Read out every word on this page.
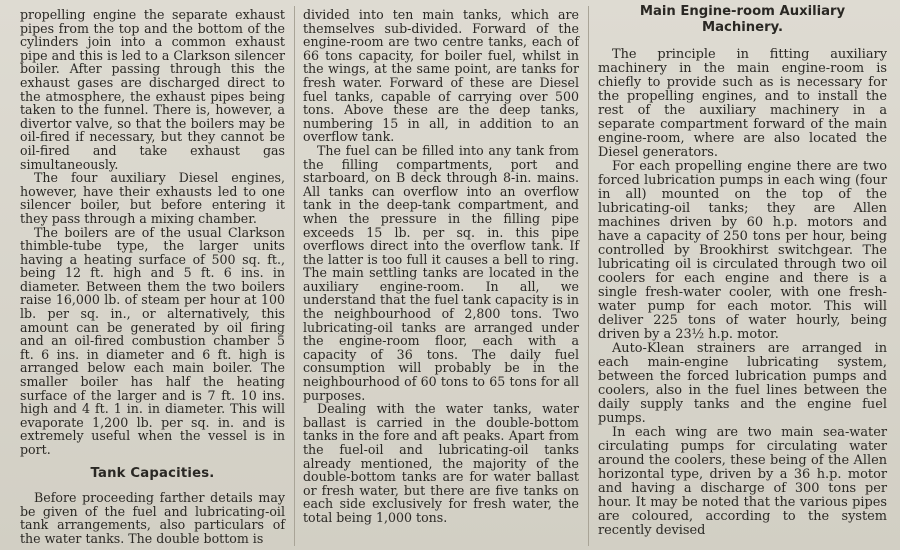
propelling engine the separate exhaust pipes from the top and the bottom of the cylinders join into a common exhaust pipe and this is led to a Clarkson silencer boiler. After passing through this the exhaust gases are discharged direct to the atmosphere, the exhaust pipes being taken to the funnel. There is, however, a divertor valve, so that the boilers may be oil-fired if necessary, but they cannot be oil-fired and take exhaust gas simultaneously.

The four auxiliary Diesel engines, however, have their exhausts led to one silencer boiler, but before entering it they pass through a mixing chamber.

The boilers are of the usual Clarkson thimble-tube type, the larger units having a heating surface of 500 sq. ft., being 12 ft. high and 5 ft. 6 ins. in diameter. Between them the two boilers raise 16,000 lb. of steam per hour at 100 lb. per sq. in., or alternatively, this amount can be generated by oil firing and an oil-fired combustion chamber 5 ft. 6 ins. in diameter and 6 ft. high is arranged below each main boiler. The smaller boiler has half the heating surface of the larger and is 7 ft. 10 ins. high and 4 ft. 1 in. in diameter. This will evaporate 1,200 lb. per sq. in. and is extremely useful when the vessel is in port.

Tank Capacities.

Before proceeding farther details may be given of the fuel and lubricating-oil tank arrangements, also particulars of the water tanks. The double bottom is

divided into ten main tanks, which are themselves sub-divided. Forward of the engine-room are two centre tanks, each of 66 tons capacity, for boiler fuel, whilst in the wings, at the same point, are tanks for fresh water. Forward of these are Diesel fuel tanks, capable of carrying over 500 tons. Above these are the deep tanks, numbering 15 in all, in addition to an overflow tank.

The fuel can be filled into any tank from the filling compartments, port and starboard, on B deck through 8-in. mains. All tanks can overflow into an overflow tank in the deep-tank compartment, and when the pressure in the filling pipe exceeds 15 lb. per sq. in. this pipe overflows direct into the overflow tank. If the latter is too full it causes a bell to ring. The main settling tanks are located in the auxiliary engine-room. In all, we understand that the fuel tank capacity is in the neighbourhood of 2,800 tons. Two lubricating-oil tanks are arranged under the engine-room floor, each with a capacity of 36 tons. The daily fuel consumption will probably be in the neighbourhood of 60 tons to 65 tons for all purposes.

Dealing with the water tanks, water ballast is carried in the double-bottom tanks in the fore and aft peaks. Apart from the fuel-oil and lubricating-oil tanks already mentioned, the majority of the double-bottom tanks are for water ballast or fresh water, but there are five tanks on each side exclusively for fresh water, the total being 1,000 tons.

Main Engine-room Auxiliary Machinery.

The principle in fitting auxiliary machinery in the main engine-room is chiefly to provide such as is necessary for the propelling engines, and to install the rest of the auxiliary machinery in a separate compartment forward of the main engine-room, where are also located the Diesel generators.

For each propelling engine there are two forced lubrication pumps in each wing (four in all) mounted on the top of the lubricating-oil tanks; they are Allen machines driven by 60 h.p. motors and have a capacity of 250 tons per hour, being controlled by Brookhirst switchgear. The lubricating oil is circulated through two oil coolers for each engine and there is a single fresh-water cooler, with one fresh-water pump for each motor. This will deliver 225 tons of water hourly, being driven by a 23½ h.p. motor.

Auto-Klean strainers are arranged in each main-engine lubricating system, between the forced lubrication pumps and coolers, also in the fuel lines between the daily supply tanks and the engine fuel pumps.

In each wing are two main sea-water circulating pumps for circulating water around the coolers, these being of the Allen horizontal type, driven by a 36 h.p. motor and having a discharge of 300 tons per hour. It may be noted that the various pipes are coloured, according to the system recently devised
